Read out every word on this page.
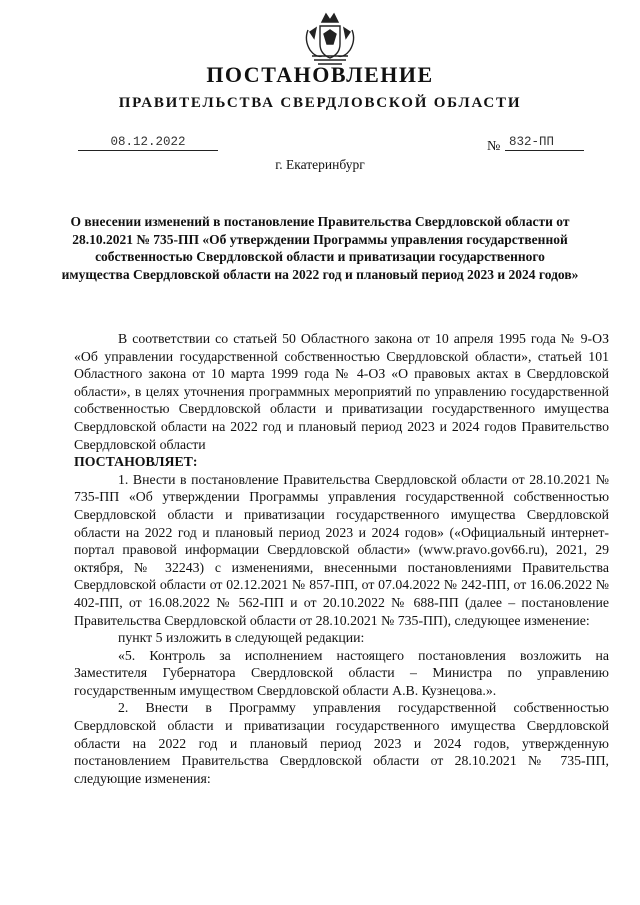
ПОСТАНОВЛЕНИЕ
ПРАВИТЕЛЬСТВА СВЕРДЛОВСКОЙ ОБЛАСТИ
08.12.2022	№ 832-ПП
г. Екатеринбург
О внесении изменений в постановление Правительства Свердловской области от 28.10.2021 № 735-ПП «Об утверждении Программы управления государственной собственностью Свердловской области и приватизации государственного имущества Свердловской области на 2022 год и плановый период 2023 и 2024 годов»

В соответствии со статьей 50 Областного закона от 10 апреля 1995 года № 9-ОЗ «Об управлении государственной собственностью Свердловской области», статьей 101 Областного закона от 10 марта 1999 года № 4-ОЗ «О правовых актах в Свердловской области», в целях уточнения программных мероприятий по управлению государственной собственностью Свердловской области и приватизации государственного имущества Свердловской области на 2022 год и плановый период 2023 и 2024 годов Правительство Свердловской области

ПОСТАНОВЛЯЕТ:

1. Внести в постановление Правительства Свердловской области от 28.10.2021 № 735-ПП «Об утверждении Программы управления государственной собственностью Свердловской области и приватизации государственного имущества Свердловской области на 2022 год и плановый период 2023 и 2024 годов» («Официальный интернет-портал правовой информации Свердловской области» (www.pravo.gov66.ru), 2021, 29 октября, № 32243) с изменениями, внесенными постановлениями Правительства Свердловской области от 02.12.2021 № 857-ПП, от 07.04.2022 № 242-ПП, от 16.06.2022 № 402-ПП, от 16.08.2022 № 562-ПП и от 20.10.2022 № 688-ПП (далее – постановление Правительства Свердловской области от 28.10.2021 № 735-ПП), следующее изменение:

пункт 5 изложить в следующей редакции:

«5. Контроль за исполнением настоящего постановления возложить на Заместителя Губернатора Свердловской области – Министра по управлению государственным имуществом Свердловской области А.В. Кузнецова.».

2. Внести в Программу управления государственной собственностью Свердловской области и приватизации государственного имущества Свердловской области на 2022 год и плановый период 2023 и 2024 годов, утвержденную постановлением Правительства Свердловской области от 28.10.2021 № 735-ПП, следующие изменения:
